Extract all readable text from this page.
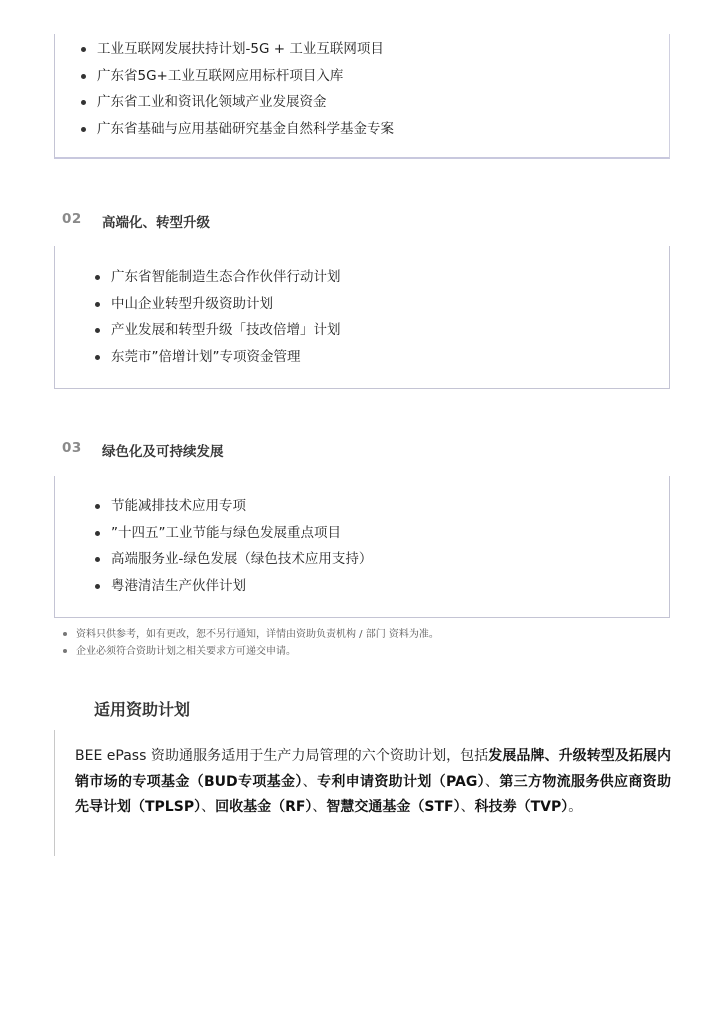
工业互联网发展扶持计划-5G + 工业互联网项目
广东省5G+工业互联网应用标杆项目入库
广东省工业和资讯化领域产业发展资金
广东省基础与应用基础研究基金自然科学基金专案
02 高端化、转型升级
广东省智能制造生态合作伙伴行动计划
中山企业转型升级资助计划
产业发展和转型升级「技改倍增」计划
东莞市”倍增计划”专项资金管理
03 绿色化及可持续发展
节能减排技术应用专项
”十四五”工业节能与绿色发展重点项目
高端服务业-绿色发展（绿色技术应用支持）
粤港清洁生产伙伴计划
资料只供参考，如有更改，恕不另行通知，详情由资助负责机构 / 部门 资料为准。
企业必须符合资助计划之相关要求方可递交申请。
适用资助计划
BEE ePass 资助通服务适用于生产力局管理的六个资助计划，包括发展品牌、升级转型及拓展内销市场的专项基金（BUD专项基金）、专利申请资助计划（PAG）、第三方物流服务供应商资助先导计划（TPLSP）、回收基金（RF）、智慧交通基金（STF）、科技劵（TVP）。
